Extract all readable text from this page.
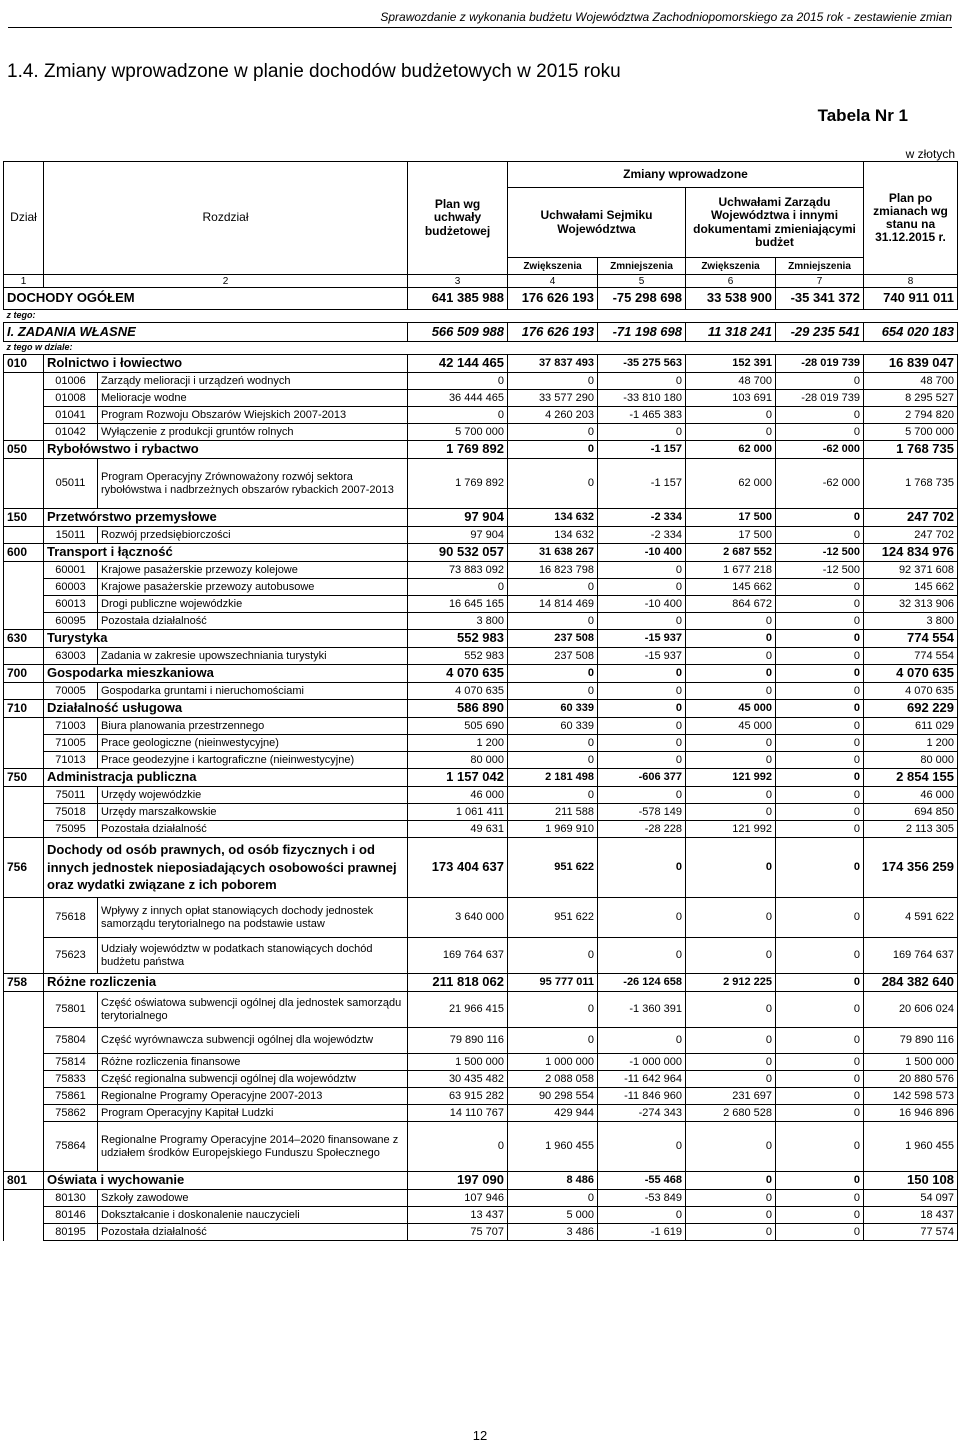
Sprawozdanie z wykonania budżetu Województwa Zachodniopomorskiego za 2015 rok - zestawienie zmian
1.4. Zmiany wprowadzone w planie dochodów budżetowych w 2015 roku
Tabela Nr 1
w złotych
Dział	Rozdział		Plan wg uchwały budżetowej	Zmiany wprowadzone				Plan po zmianach wg stanu na 31.12.2015 r.
				Uchwałami Sejmiku Województwa		Uchwałami Zarządu Województwa i innymi dokumentami zmieniającymi budżet		
				Zwiększenia	Zmniejszenia	Zwiększenia	Zmniejszenia	
1	2		3	4	5	6	7	8
DOCHODY OGÓŁEM			641 385 988	176 626 193	-75 298 698	33 538 900	-35 341 372	740 911 011
z tego:								
I. ZADANIA WŁASNE			566 509 988	176 626 193	-71 198 698	11 318 241	-29 235 541	654 020 183
z tego w dziale:								
010	Rolnictwo i łowiectwo		42 144 465	37 837 493	-35 275 563	152 391	-28 019 739	16 839 047
	01006	Zarządy melioracji i urządzeń wodnych	0	0	0	48 700	0	48 700
	01008	Melioracje wodne	36 444 465	33 577 290	-33 810 180	103 691	-28 019 739	8 295 527
	01041	Program Rozwoju Obszarów Wiejskich 2007-2013	0	4 260 203	-1 465 383	0	0	2 794 820
	01042	Wyłączenie z produkcji gruntów rolnych	5 700 000	0	0	0	0	5 700 000
050	Rybołówstwo i rybactwo		1 769 892	0	-1 157	62 000	-62 000	1 768 735
	05011	Program Operacyjny Zrównoważony rozwój sektora rybołówstwa i nadbrzeżnych obszarów rybackich 2007-2013	1 769 892	0	-1 157	62 000	-62 000	1 768 735
150	Przetwórstwo przemysłowe		97 904	134 632	-2 334	17 500	0	247 702
	15011	Rozwój przedsiębiorczości	97 904	134 632	-2 334	17 500	0	247 702
600	Transport i łączność		90 532 057	31 638 267	-10 400	2 687 552	-12 500	124 834 976
	60001	Krajowe pasażerskie przewozy kolejowe	73 883 092	16 823 798	0	1 677 218	-12 500	92 371 608
	60003	Krajowe pasażerskie przewozy autobusowe	0	0	0	145 662	0	145 662
	60013	Drogi publiczne wojewódzkie	16 645 165	14 814 469	-10 400	864 672	0	32 313 906
	60095	Pozostała działalność	3 800	0	0	0	0	3 800
630	Turystyka		552 983	237 508	-15 937	0	0	774 554
	63003	Zadania w zakresie upowszechniania turystyki	552 983	237 508	-15 937	0	0	774 554
700	Gospodarka mieszkaniowa		4 070 635	0	0	0	0	4 070 635
	70005	Gospodarka gruntami i nieruchomościami	4 070 635	0	0	0	0	4 070 635
710	Działalność usługowa		586 890	60 339	0	45 000	0	692 229
	71003	Biura planowania przestrzennego	505 690	60 339	0	45 000	0	611 029
	71005	Prace geologiczne (nieinwestycyjne)	1 200	0	0	0	0	1 200
	71013	Prace geodezyjne i kartograficzne (nieinwestycyjne)	80 000	0	0	0	0	80 000
750	Administracja publiczna		1 157 042	2 181 498	-606 377	121 992	0	2 854 155
	75011	Urzędy wojewódzkie	46 000	0	0	0	0	46 000
	75018	Urzędy marszałkowskie	1 061 411	211 588	-578 149	0	0	694 850
	75095	Pozostała działalność	49 631	1 969 910	-28 228	121 992	0	2 113 305
756	Dochody od osób prawnych, od osób fizycznych i od innych jednostek nieposiadających osobowości prawnej oraz wydatki związane z ich poborem		173 404 637	951 622	0	0	0	174 356 259
	75618	Wpływy z innych opłat stanowiących dochody jednostek samorządu terytorialnego na podstawie ustaw	3 640 000	951 622	0	0	0	4 591 622
	75623	Udziały województw w podatkach stanowiących dochód budżetu państwa	169 764 637	0	0	0	0	169 764 637
758	Różne rozliczenia		211 818 062	95 777 011	-26 124 658	2 912 225	0	284 382 640
	75801	Część oświatowa subwencji ogólnej dla jednostek samorządu terytorialnego	21 966 415	0	-1 360 391	0	0	20 606 024
	75804	Część wyrównawcza subwencji ogólnej dla województw	79 890 116	0	0	0	0	79 890 116
	75814	Różne rozliczenia finansowe	1 500 000	1 000 000	-1 000 000	0	0	1 500 000
	75833	Część regionalna subwencji ogólnej dla województw	30 435 482	2 088 058	-11 642 964	0	0	20 880 576
	75861	Regionalne Programy Operacyjne 2007-2013	63 915 282	90 298 554	-11 846 960	231 697	0	142 598 573
	75862	Program Operacyjny Kapitał Ludzki	14 110 767	429 944	-274 343	2 680 528	0	16 946 896
	75864	Regionalne Programy Operacyjne 2014–2020 finansowane z udziałem środków Europejskiego Funduszu Społecznego	0	1 960 455	0	0	0	1 960 455
801	Oświata i wychowanie		197 090	8 486	-55 468	0	0	150 108
	80130	Szkoły zawodowe	107 946	0	-53 849	0	0	54 097
	80146	Dokształcanie i doskonalenie nauczycieli	13 437	5 000	0	0	0	18 437
	80195	Pozostała działalność	75 707	3 486	-1 619	0	0	77 574
12
